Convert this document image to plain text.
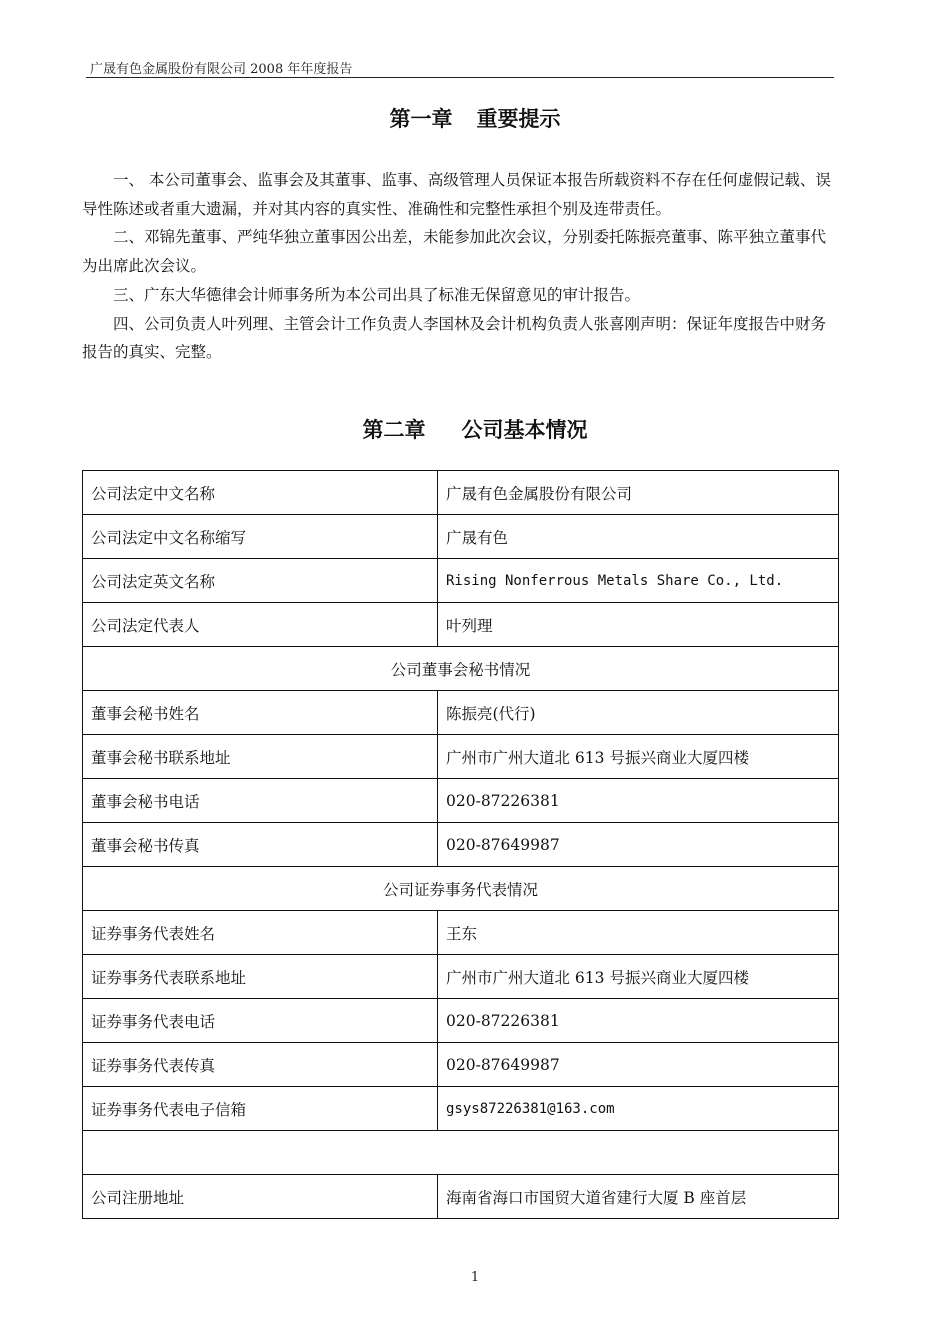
广晟有色金属股份有限公司 2008 年年度报告
第一章 重要提示

一、 本公司董事会、监事会及其董事、监事、高级管理人员保证本报告所载资料不存在任何虚假记载、误导性陈述或者重大遗漏，并对其内容的真实性、准确性和完整性承担个别及连带责任。

二、邓锦先董事、严纯华独立董事因公出差，未能参加此次会议，分别委托陈振亮董事、陈平独立董事代为出席此次会议。

三、广东大华德律会计师事务所为本公司出具了标准无保留意见的审计报告。

四、公司负责人叶列理、主管会计工作负责人李国林及会计机构负责人张喜刚声明：保证年度报告中财务报告的真实、完整。

第二章 公司基本情况
公司法定中文名称	广晟有色金属股份有限公司
公司法定中文名称缩写	广晟有色
公司法定英文名称	Rising Nonferrous Metals Share Co., Ltd.
公司法定代表人	叶列理
公司董事会秘书情况	
董事会秘书姓名	陈振亮(代行)
董事会秘书联系地址	广州市广州大道北 613 号振兴商业大厦四楼
董事会秘书电话	020-87226381
董事会秘书传真	020-87649987
公司证券事务代表情况	
证券事务代表姓名	王东
证券事务代表联系地址	广州市广州大道北 613 号振兴商业大厦四楼
证券事务代表电话	020-87226381
证券事务代表传真	020-87649987
证券事务代表电子信箱	gsys87226381@163.com

公司注册地址	海南省海口市国贸大道省建行大厦 B 座首层
1
